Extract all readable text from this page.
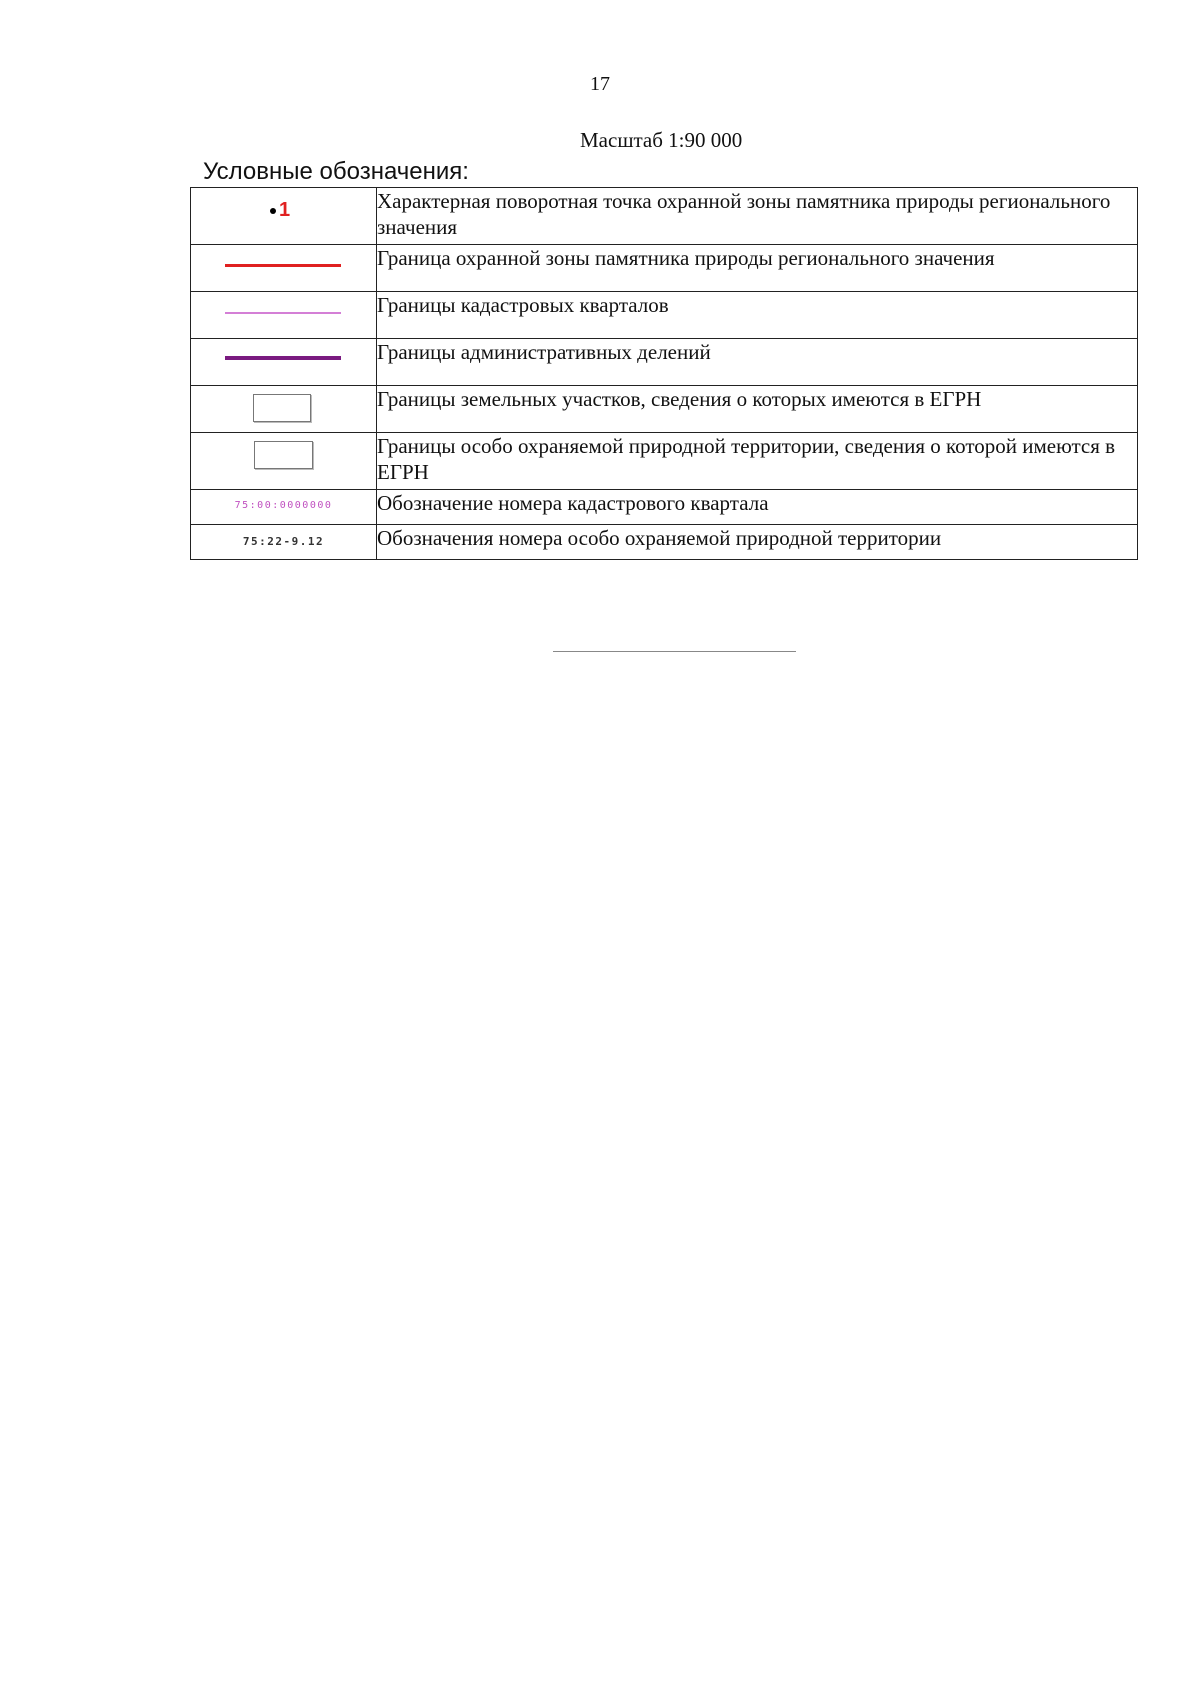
17
Масштаб 1:90 000
Условные обозначения:
1	Характерная поворотная точка охранной зоны памятника природы регионального значения

	Граница охранной зоны памятника природы регионального значения

	Границы кадастровых кварталов

	Границы административных делений

	Границы земельных участков, сведения о которых имеются в ЕГРН

	Границы особо охраняемой природной территории, сведения о которой имеются в ЕГРН

75:00:0000000	Обозначение номера кадастрового квартала

75:22-9.12	Обозначения номера особо охраняемой природной территории
